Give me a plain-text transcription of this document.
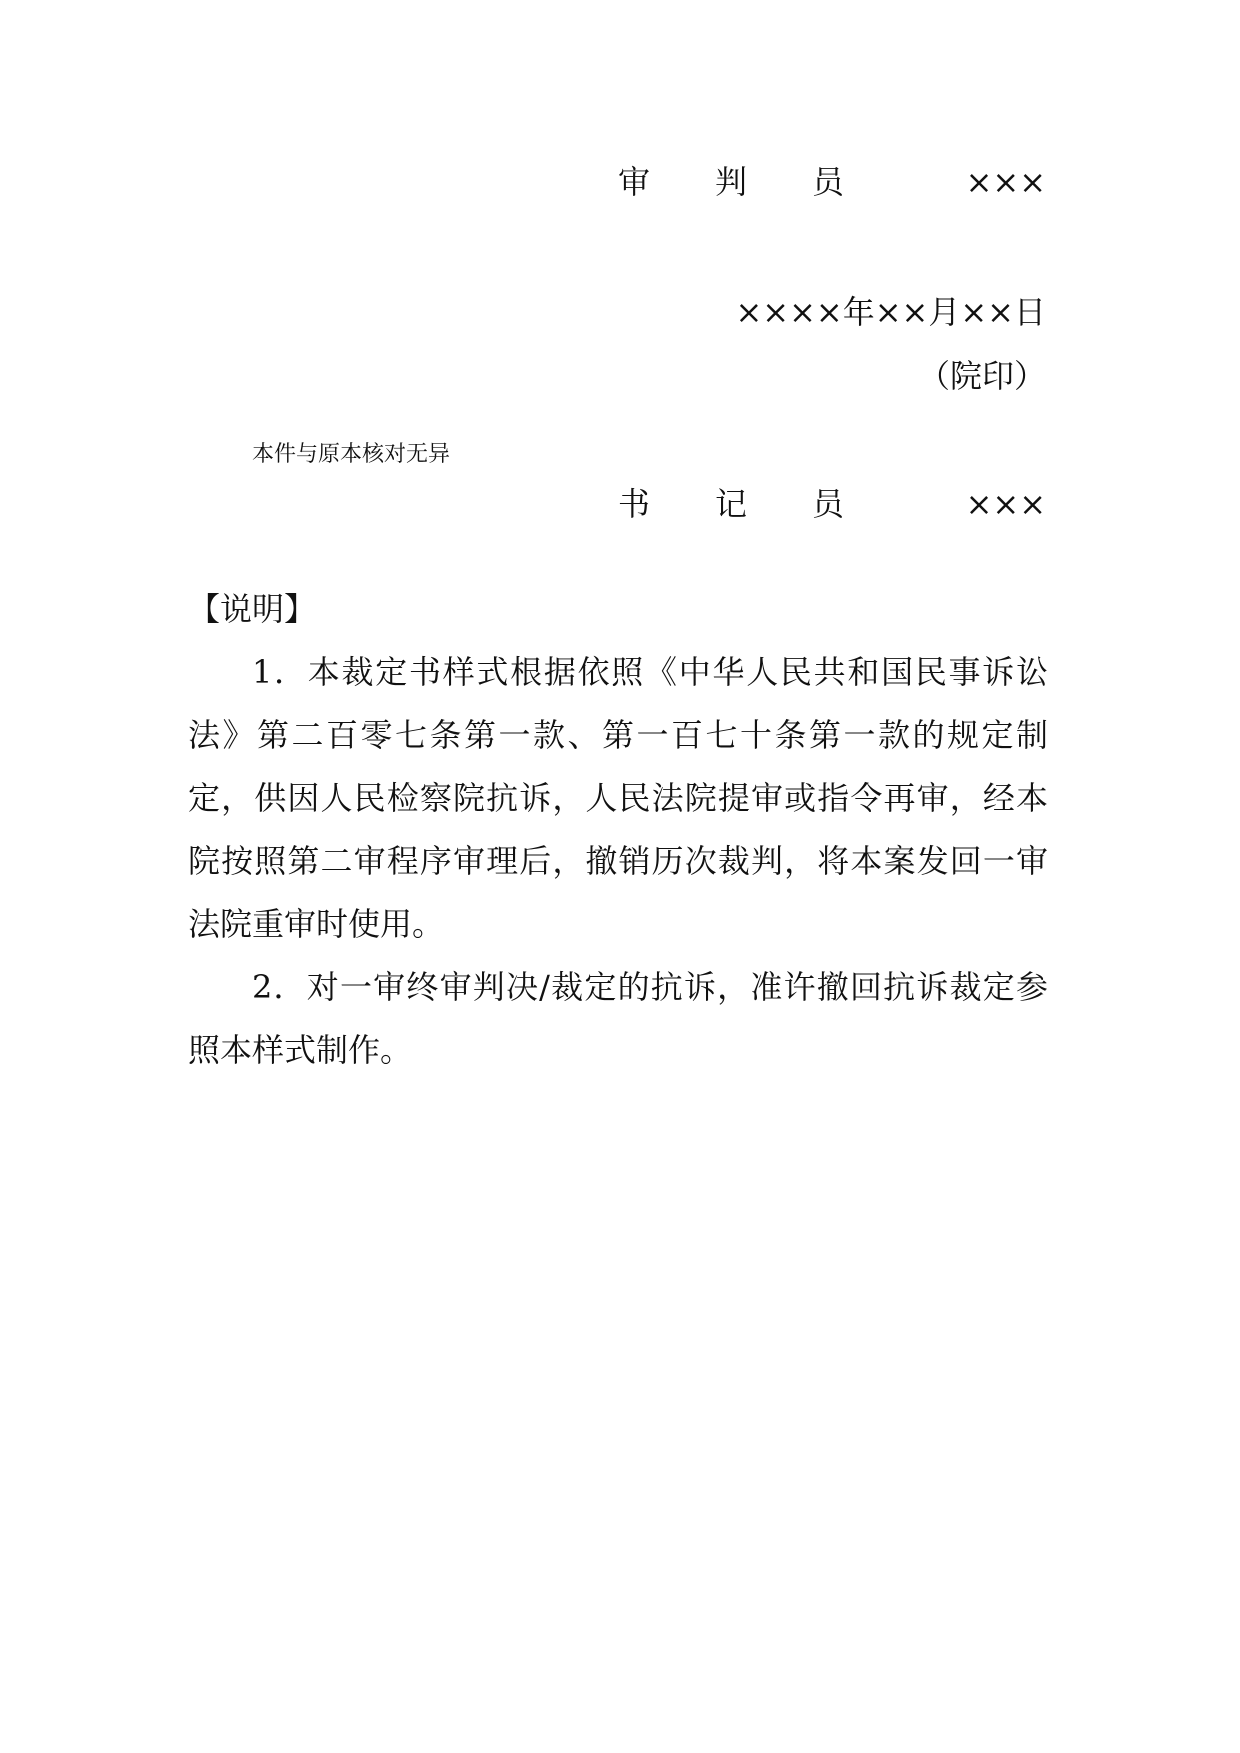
审 判 员	×××
××××年××月××日
（院印）
本件与原本核对无异
书 记 员	×××

【说明】

1．本裁定书样式根据依照《中华人民共和国民事诉讼法》第二百零七条第一款、第一百七十条第一款的规定制定，供因人民检察院抗诉，人民法院提审或指令再审，经本院按照第二审程序审理后，撤销历次裁判，将本案发回一审法院重审时使用。

2．对一审终审判决/裁定的抗诉，准许撤回抗诉裁定参照本样式制作。
